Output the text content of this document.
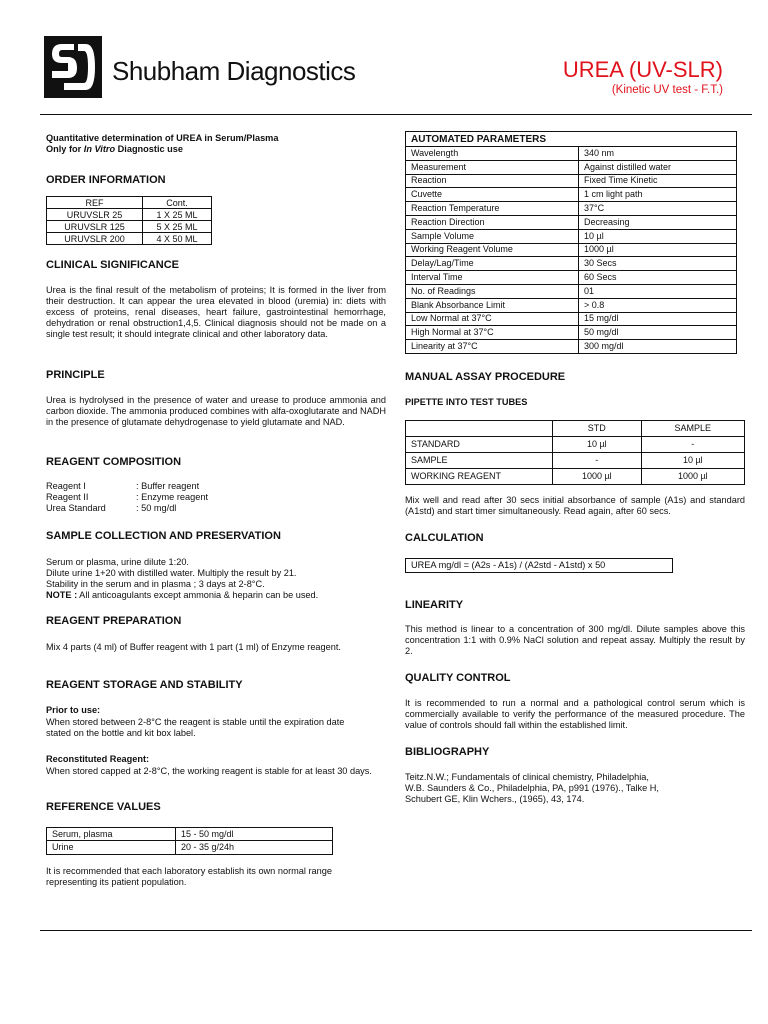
Shubham Diagnostics	UREA (UV-SLR)
(Kinetic UV test - F.T.)
Quantitative determination of UREA in Serum/Plasma
Only for In Vitro Diagnostic use
ORDER INFORMATION
REF	Cont.
URUVSLR 25	1 X 25 ML
URUVSLR 125	5 X 25 ML
URUVSLR 200	4 X 50 ML
CLINICAL SIGNIFICANCE
Urea is the final result of the metabolism of proteins; It is formed in the liver from their destruction. It can appear the urea elevated in blood (uremia) in: diets with excess of proteins, renal diseases, heart failure, gastrointestinal hemorrhage, dehydration or renal obstruction1,4,5. Clinical diagnosis should not be made on a single test result; it should integrate clinical and other laboratory data.
PRINCIPLE
Urea is hydrolysed in the presence of water and urease to produce ammonia and carbon dioxide. The ammonia produced combines with alfa-oxoglutarate and NADH in the presence of glutamate dehydrogenase to yield glutamate and NAD.
REAGENT COMPOSITION
Reagent I	: Buffer reagent
Reagent II	: Enzyme reagent
Urea Standard	: 50 mg/dl
SAMPLE COLLECTION AND PRESERVATION
Serum or plasma, urine dilute 1:20.
Dilute urine 1+20 with distilled water. Multiply the result by 21.
Stability in the serum and in plasma ; 3 days at 2-8°C.
NOTE : All anticoagulants except ammonia & heparin can be used.
REAGENT PREPARATION
Mix 4 parts (4 ml) of Buffer reagent with 1 part (1 ml) of Enzyme reagent.
REAGENT STORAGE AND STABILITY
Prior to use:
When stored between 2-8°C the reagent is stable until the expiration date stated on the bottle and kit box label.
Reconstituted Reagent:
When stored capped at 2-8°C, the working reagent is stable for at least 30 days.
REFERENCE VALUES
Serum, plasma	15 - 50 mg/dl
Urine	20 - 35 g/24h
It is recommended that each laboratory establish its own normal range representing its patient population.
AUTOMATED PARAMETERS	
Wavelength	340 nm
Measurement	Against distilled water
Reaction	Fixed Time Kinetic
Cuvette	1 cm light path
Reaction Temperature	37°C
Reaction Direction	Decreasing
Sample Volume	10 µl
Working Reagent Volume	1000 µl
Delay/Lag/Time	30 Secs
Interval Time	60 Secs
No. of Readings	01
Blank Absorbance Limit	> 0.8
Low Normal at 37°C	15 mg/dl
High Normal at 37°C	50 mg/dl
Linearity at 37°C	300 mg/dl
MANUAL ASSAY PROCEDURE
PIPETTE INTO TEST TUBES
	STD	SAMPLE
STANDARD	10 µl	-
SAMPLE	-	10 µl
WORKING REAGENT	1000 µl	1000 µl
Mix well and read after 30 secs initial absorbance of sample (A1s) and standard (A1std) and start timer simultaneously. Read again, after 60 secs.
CALCULATION
UREA mg/dl = (A2s - A1s) / (A2std - A1std) x 50
LINEARITY
This method is linear to a concentration of 300 mg/dl. Dilute samples above this concentration 1:1 with 0.9% NaCl solution and repeat assay. Multiply the result by 2.
QUALITY CONTROL
It is recommended to run a normal and a pathological control serum which is commercially available to verify the performance of the measured procedure. The value of controls should fall within the established limit.
BIBLIOGRAPHY
Teitz.N.W.; Fundamentals of clinical chemistry, Philadelphia,
W.B. Saunders & Co., Philadelphia, PA, p991 (1976)., Talke H,
Schubert GE, Klin Wchers., (1965), 43, 174.
